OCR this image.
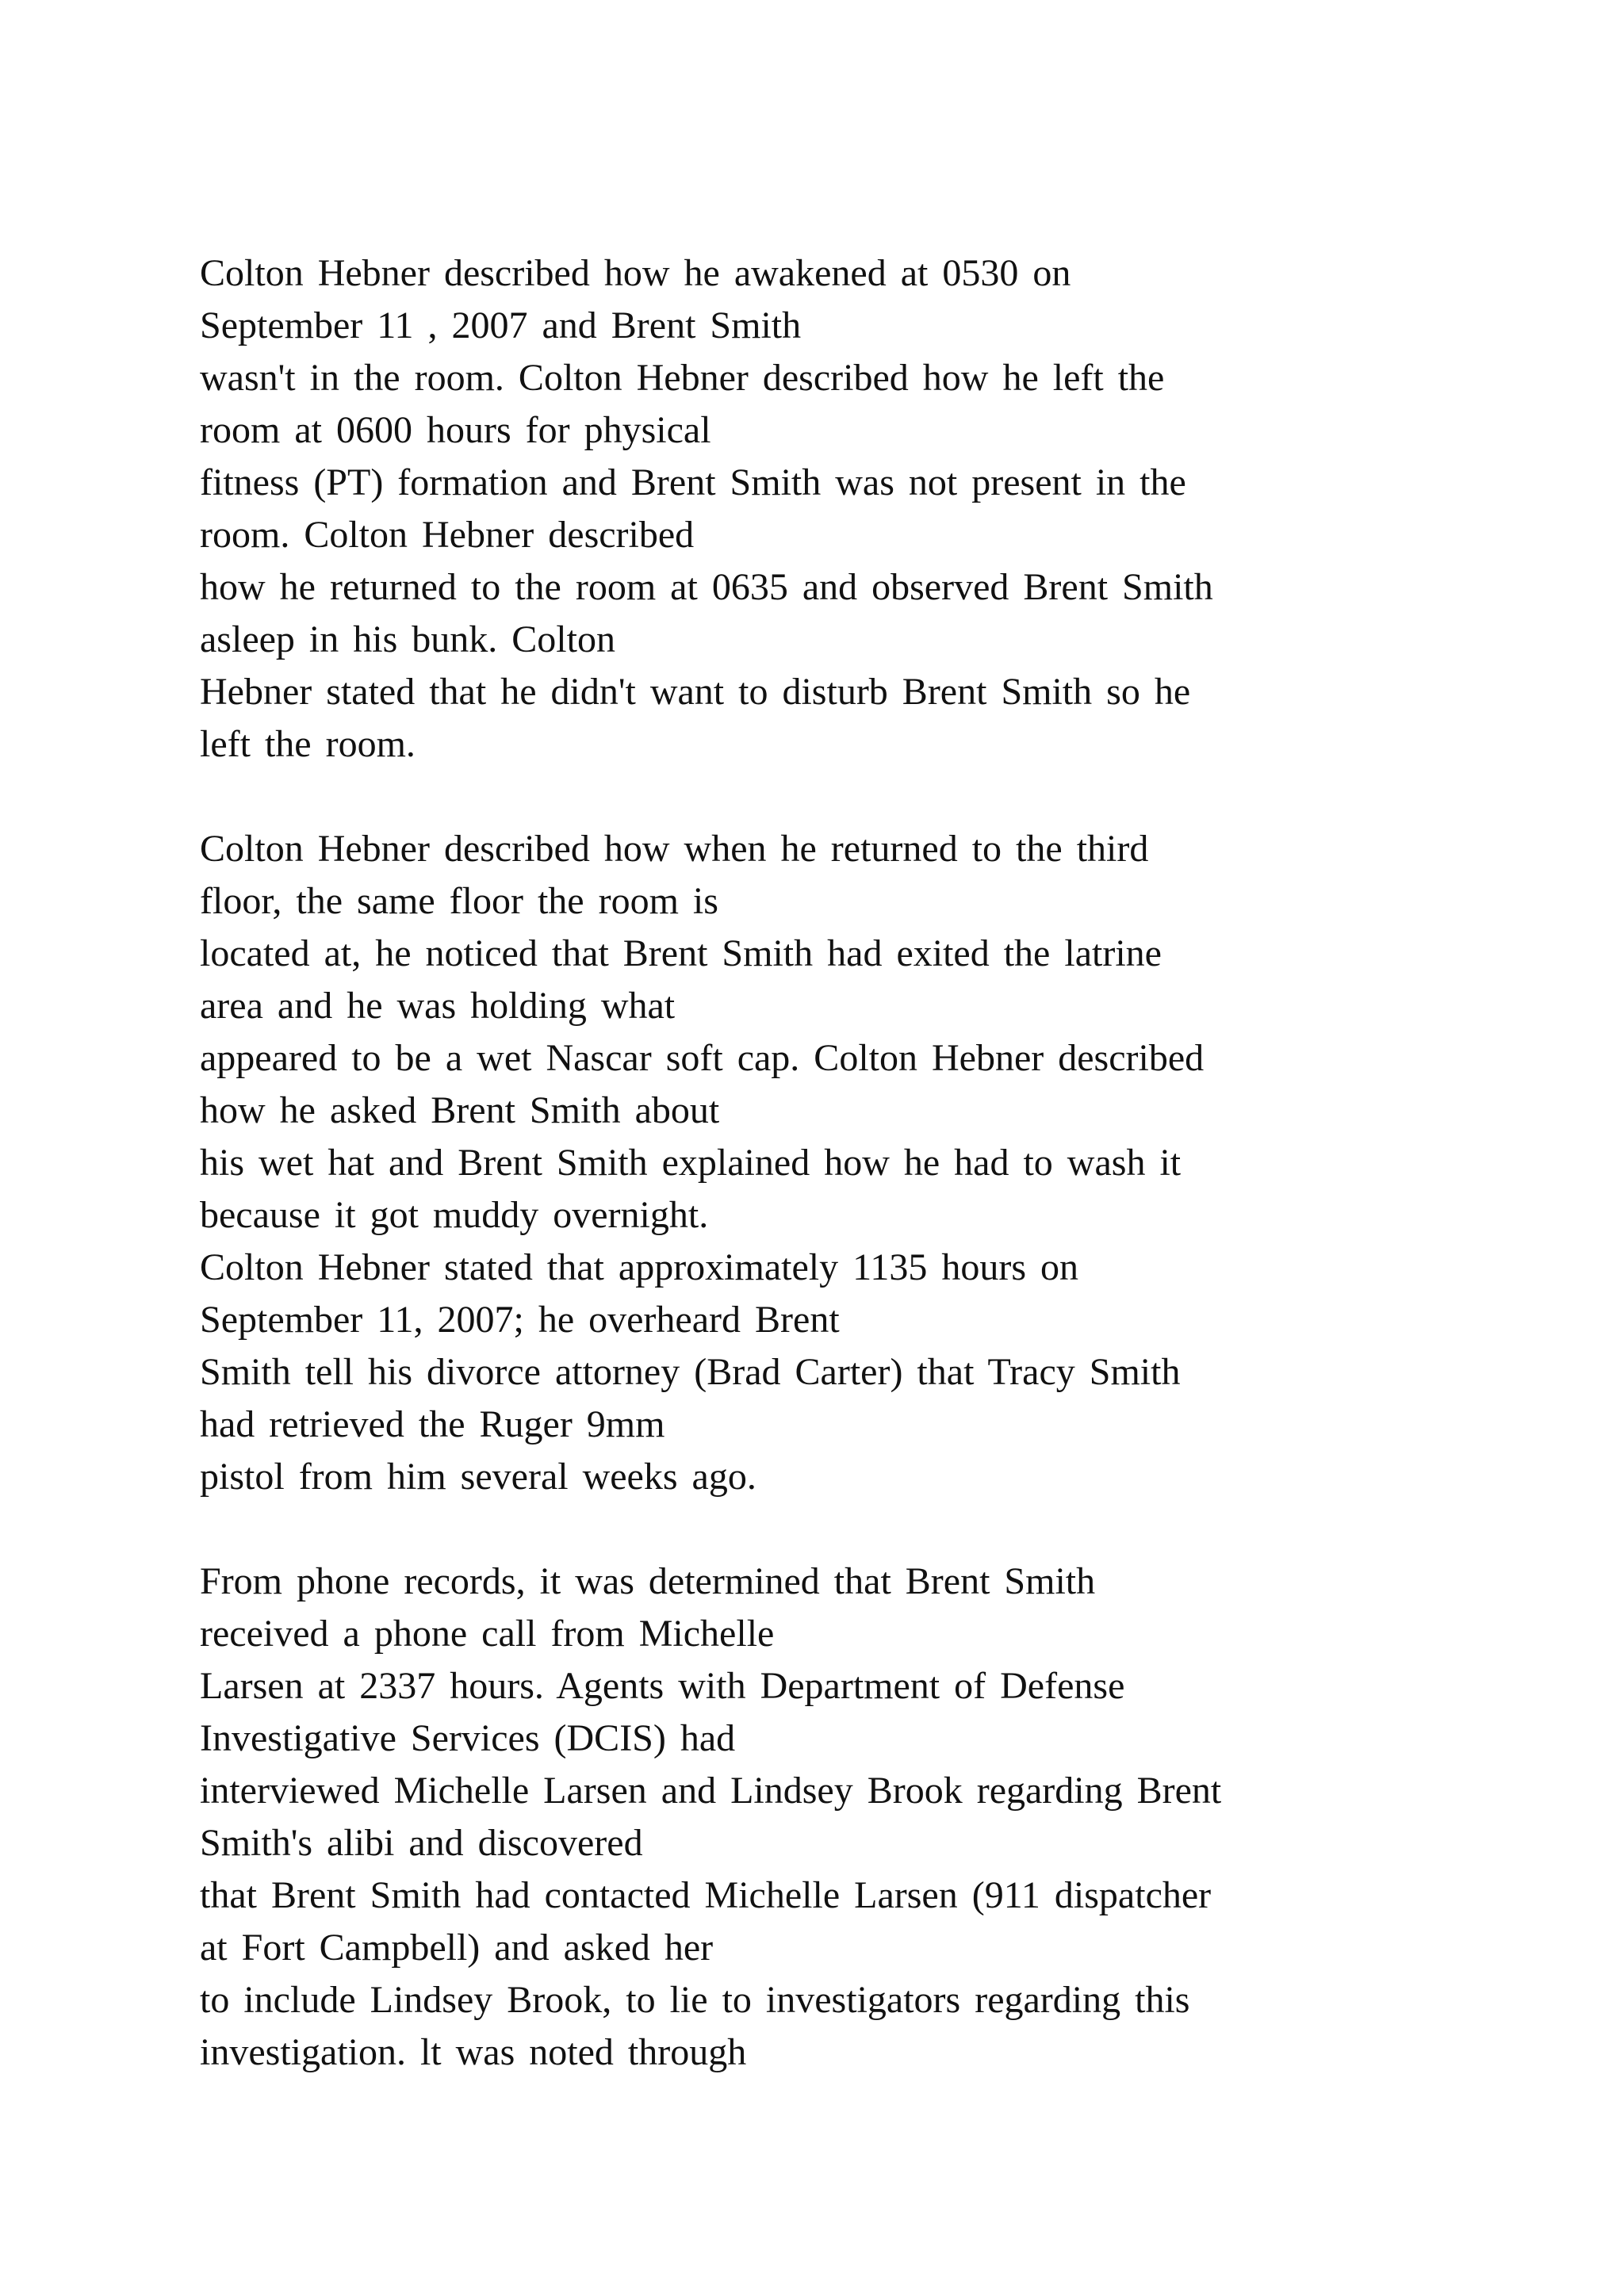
Colton Hebner described how he awakened at 0530 on
September 11 , 2007 and Brent Smith
wasn't in the room. Colton Hebner described how he left the
room at 0600 hours for physical
fitness (PT) formation and Brent Smith was not present in the
room. Colton Hebner described
how he returned to the room at 0635 and observed Brent Smith
asleep in his bunk. Colton
Hebner stated that he didn't want to disturb Brent Smith so he
left the room.
Colton Hebner described how when he returned to the third
floor, the same floor the room is
located at, he noticed that Brent Smith had exited the latrine
area and he was holding what
appeared to be a wet Nascar soft cap. Colton Hebner described
how he asked Brent Smith about
his wet hat and Brent Smith explained how he had to wash it
because it got muddy overnight.
Colton Hebner stated that approximately 1135 hours on
September 11, 2007; he overheard Brent
Smith tell his divorce attorney (Brad Carter) that Tracy Smith
had retrieved the Ruger 9mm
pistol from him several weeks ago.
From phone records, it was determined that Brent Smith
received a phone call from Michelle
Larsen at 2337 hours. Agents with Department of Defense
Investigative Services (DCIS) had
interviewed Michelle Larsen and Lindsey Brook regarding Brent
Smith's alibi and discovered
that Brent Smith had contacted Michelle Larsen (911 dispatcher
at Fort Campbell) and asked her
to include Lindsey Brook, to lie to investigators regarding this
investigation. lt was noted through
